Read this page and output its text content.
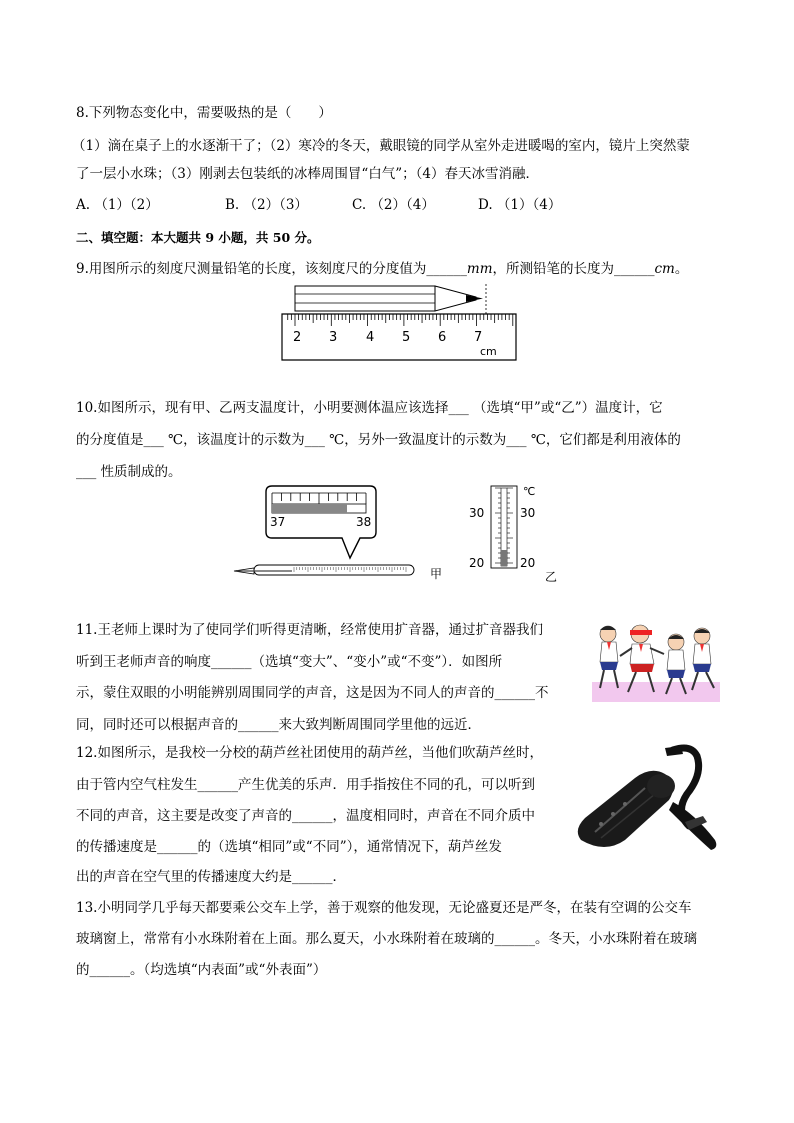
8.下列物态变化中，需要吸热的是（　　）
（1）滴在桌子上的水逐渐干了；（2）寒冷的冬天，戴眼镜的同学从室外走进暖喝的室内，镜片上突然蒙
了一层小水珠；（3）刚剥去包装纸的冰棒周围冒“白气”；（4）春天冰雪消融．
A. （1）（2）	B. （2）（3）	C. （2）（4）	D. （1）（4）
二、填空题：本大题共 9 小题，共 50 分。
9.用图所示的刻度尺测量铅笔的长度，该刻度尺的分度值为______mm，所测铅笔的长度为______cm。
2 3 4 5 6 7
cm
10.如图所示，现有甲、乙两支温度计，小明要测体温应该选择___ （选填“甲”或“乙”）温度计，它
的分度值是___ ℃，该温度计的示数为___ ℃，另外一致温度计的示数为___ ℃，它们都是利用液体的
___ 性质制成的。
37	38
甲
℃
30	30
20	20
乙
11.王老师上课时为了使同学们听得更清晰，经常使用扩音器，通过扩音器我们
听到王老师声音的响度______（选填“变大”、“变小”或“不变”）．如图所
示，蒙住双眼的小明能辨别周围同学的声音，这是因为不同人的声音的______不
同，同时还可以根据声音的______来大致判断周围同学里他的远近．
12.如图所示，是我校一分校的葫芦丝社团使用的葫芦丝，当他们吹葫芦丝时，
由于管内空气柱发生______产生优美的乐声．用手指按住不同的孔，可以听到
不同的声音，这主要是改变了声音的______，温度相同时，声音在不同介质中
的传播速度是______的（选填“相同”或“不同”），通常情况下，葫芦丝发
出的声音在空气里的传播速度大约是______．
13.小明同学几乎每天都要乘公交车上学，善于观察的他发现，无论盛夏还是严冬，在装有空调的公交车
玻璃窗上，常常有小水珠附着在上面。那么夏天，小水珠附着在玻璃的______。冬天，小水珠附着在玻璃
的______。（均选填“内表面”或“外表面”）
